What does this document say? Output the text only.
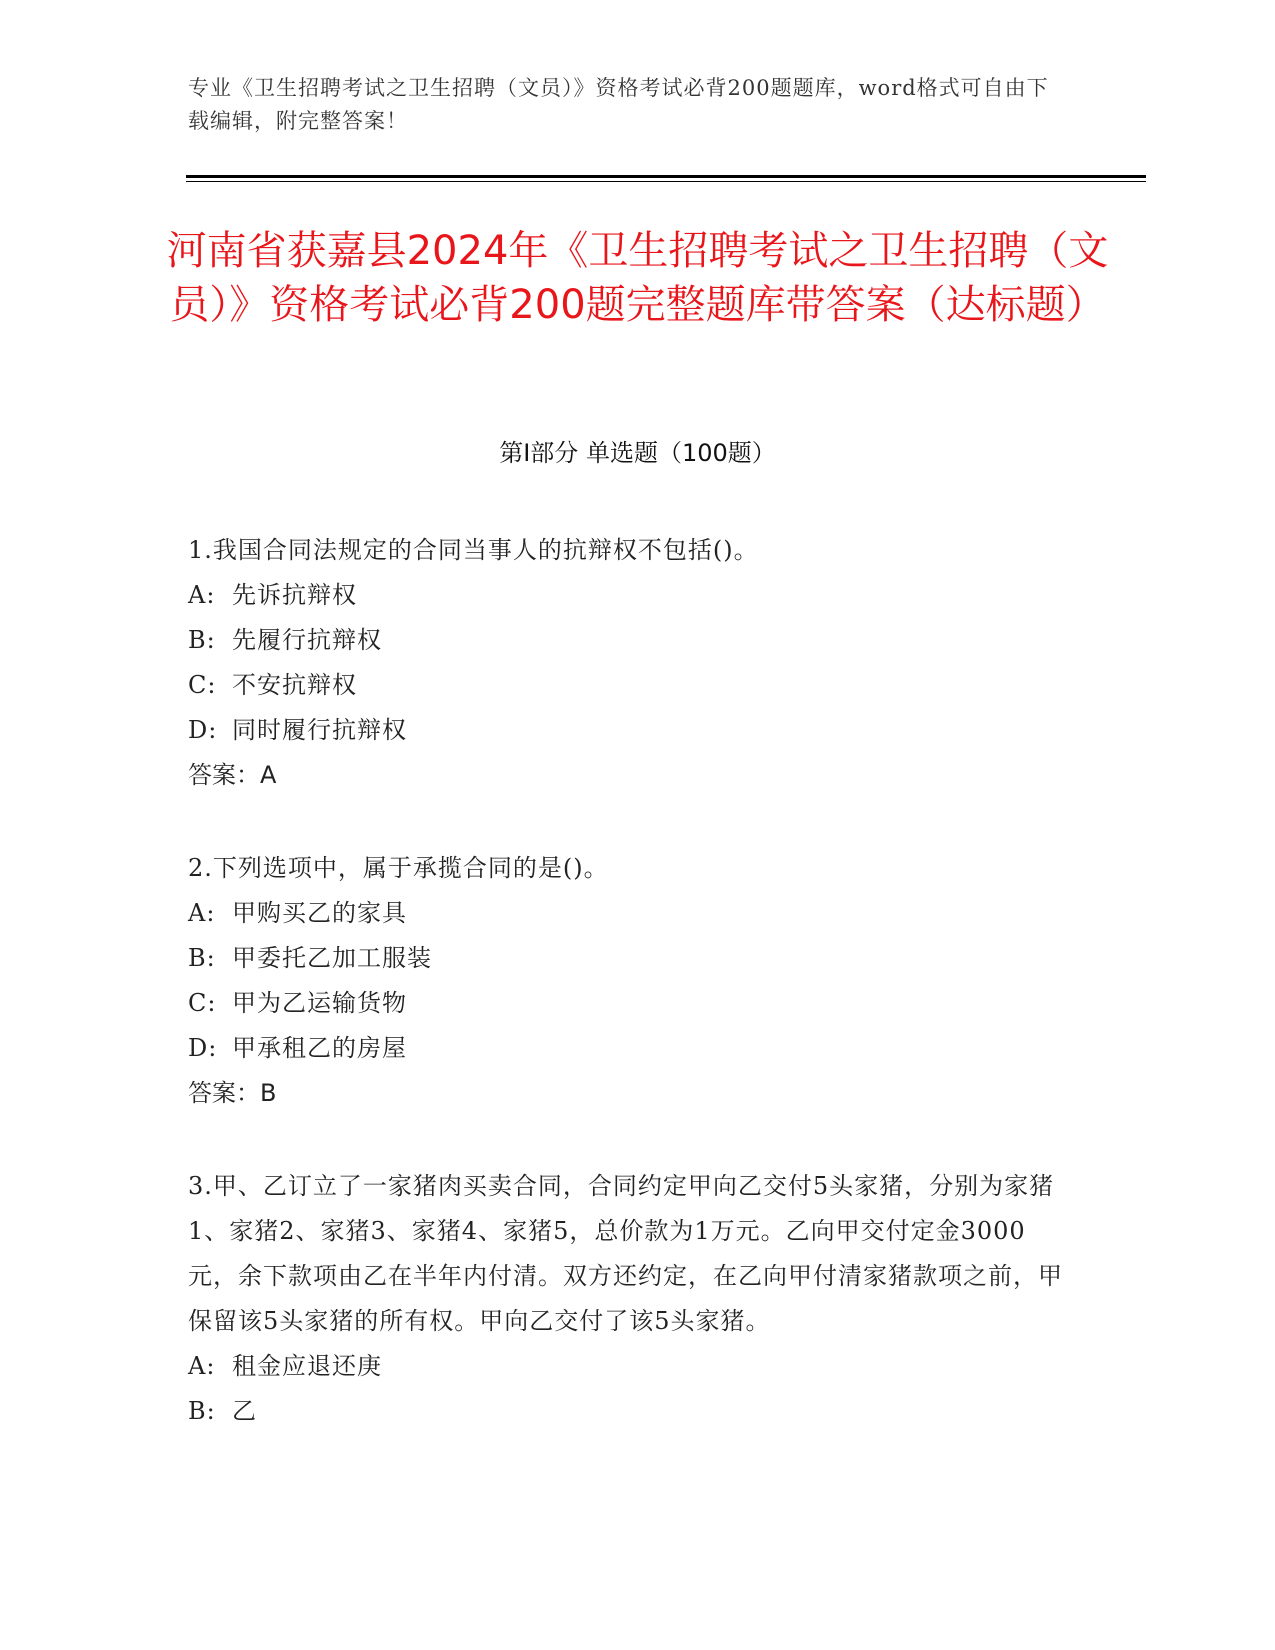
专业《卫生招聘考试之卫生招聘（文员）》资格考试必背200题题库，word格式可自由下载编辑，附完整答案！
河南省获嘉县2024年《卫生招聘考试之卫生招聘（文员）》资格考试必背200题完整题库带答案（达标题）
第Ⅰ部分 单选题（100题）

1.我国合同法规定的合同当事人的抗辩权不包括()。

A: 先诉抗辩权

B: 先履行抗辩权

C: 不安抗辩权

D: 同时履行抗辩权

答案：A

2.下列选项中，属于承揽合同的是()。

A: 甲购买乙的家具

B: 甲委托乙加工服装

C: 甲为乙运输货物

D: 甲承租乙的房屋

答案：B

3.甲、乙订立了一家猪肉买卖合同，合同约定甲向乙交付5头家猪，分别为家猪1、家猪2、家猪3、家猪4、家猪5，总价款为1万元。乙向甲交付定金3000元，余下款项由乙在半年内付清。双方还约定，在乙向甲付清家猪款项之前，甲保留该5头家猪的所有权。甲向乙交付了该5头家猪。

A: 租金应退还庚

B: 乙
